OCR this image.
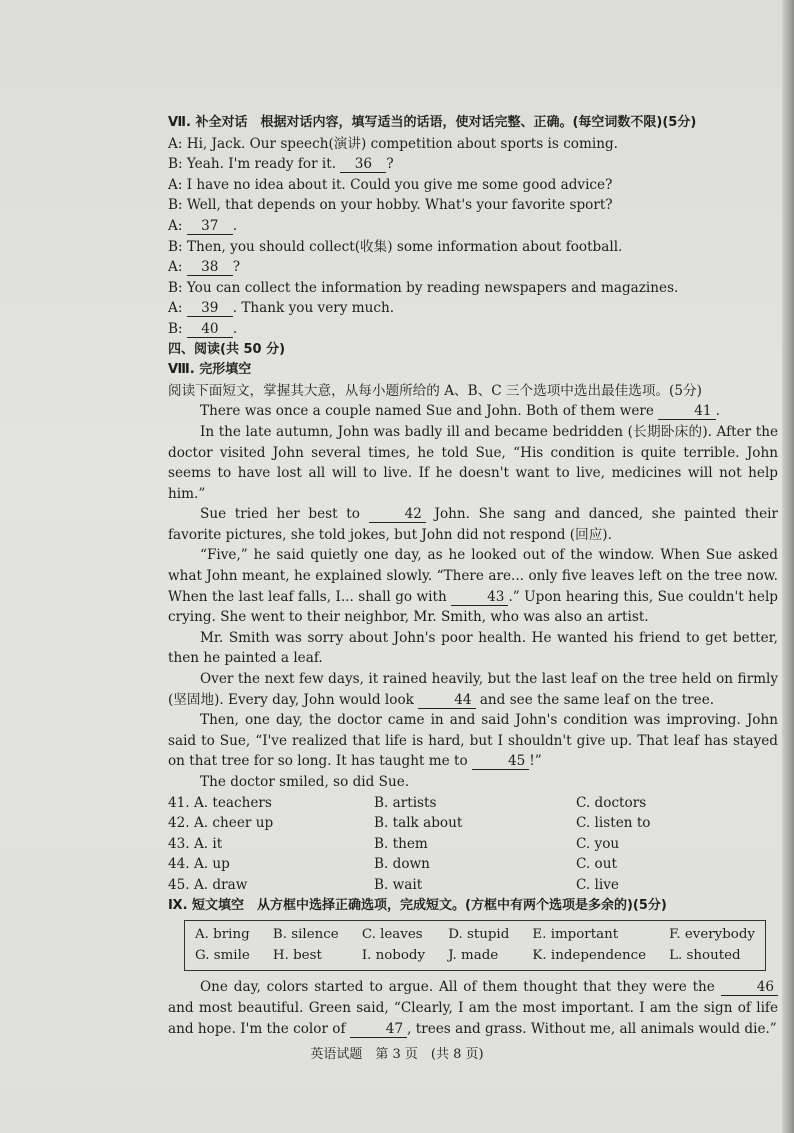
Ⅶ. 补全对话　根据对话内容，填写适当的话语，使对话完整、正确。(每空词数不限)(5分)
A: Hi, Jack. Our speech(演讲) competition about sports is coming.
B: Yeah. I'm ready for it. 36 ?
A: I have no idea about it. Could you give me some good advice?
B: Well, that depends on your hobby. What's your favorite sport?
A: 37 .
B: Then, you should collect(收集) some information about football.
A: 38 ?
B: You can collect the information by reading newspapers and magazines.
A: 39 . Thank you very much.
B: 40 .
四、阅读(共 50 分)
Ⅷ. 完形填空
阅读下面短文，掌握其大意，从每小题所给的 A、B、C 三个选项中选出最佳选项。(5分)
There was once a couple named Sue and John. Both of them were	41 .
In the late autumn, John was badly ill and became bedridden (长期卧床的). After the doctor visited John several times, he told Sue, “His condition is quite terrible. John seems to have lost all will to live. If he doesn't want to live, medicines will not help him.”
Sue tried her best to	42 John. She sang and danced, she painted their favorite pictures, she told jokes, but John did not respond (回应).
“Five,” he said quietly one day, as he looked out of the window. When Sue asked what John meant, he explained slowly. “There are... only five leaves left on the tree now. When the last leaf falls, I... shall go with	43 .” Upon hearing this, Sue couldn't help crying. She went to their neighbor, Mr. Smith, who was also an artist.
Mr. Smith was sorry about John's poor health. He wanted his friend to get better, then he painted a leaf.
Over the next few days, it rained heavily, but the last leaf on the tree held on firmly (坚固地). Every day, John would look	44 and see the same leaf on the tree.
Then, one day, the doctor came in and said John's condition was improving. John said to Sue, “I've realized that life is hard, but I shouldn't give up. That leaf has stayed on that tree for so long. It has taught me to	45 !”
The doctor smiled, so did Sue.
41. A. teachers	B. artists	C. doctors
42. A. cheer up	B. talk about	C. listen to
43. A. it	B. them	C. you
44. A. up	B. down	C. out
45. A. draw	B. wait	C. live
Ⅸ. 短文填空　从方框中选择正确选项，完成短文。(方框中有两个选项是多余的)(5分)
A. bring B. silence C. leaves D. stupid E. important	F. everybody
G. smile H. best	I. nobody J. made	K. independence L. shouted
One day, colors started to argue. All of them thought that they were the	46 and most beautiful. Green said, “Clearly, I am the most important. I am the sign of life and hope. I'm the color of	47 , trees and grass. Without me, all animals would die.”
英语试题　第 3 页　(共 8 页)
